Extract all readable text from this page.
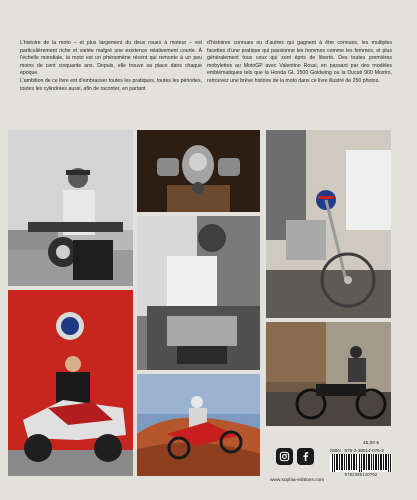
L’histoire de la moto – et plus largement du deux roues à moteur – est particulièrement riche et variée malgré une existence relativement courte. À l’échelle mondiale, la moto est un phénomène récent qui remonte à un peu moins de cent cinquante ans. Depuis, elle trouve sa place dans chaque époque.

L’ambition de ce livre est d’embrasser toutes les pratiques, toutes les périodes, toutes les cylindrées aussi, afin de raconter, en partant

d’histoires connues ou d’autres qui gagnent à être connues, les multiples facettes d’une pratique qui passionne les hommes comme les femmes, et plus généralement tous ceux qui sont épris de liberté. Des toutes premières mobylettes au MotoGP avec Valentino Rossi, en passant par des modèles emblématiques tels que la Honda GL 1500 Goldwing ou la Ducati 900 Mostro, retrouvez une brève histoire de la moto dans ce livre illustré de 250 photos.

45,00 €
ISBN : 978-2-38514-076-2
9782385140762
www.sophia-editions.com
